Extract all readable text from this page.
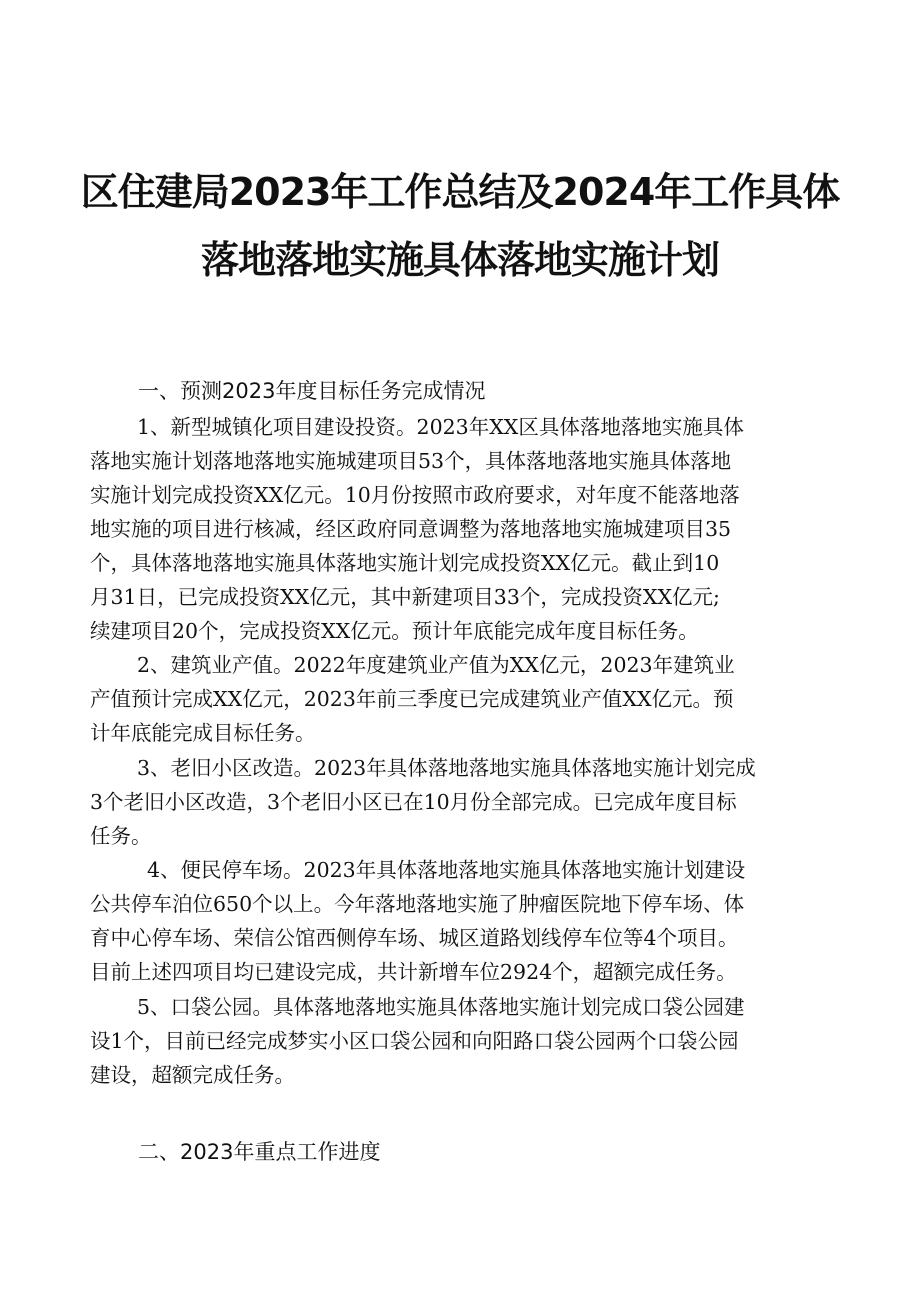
区住建局2023年工作总结及2024年工作具体
落地落地实施具体落地实施计划
一、预测2023年度目标任务完成情况
1、新型城镇化项目建设投资。2023年XX区具体落地落地实施具体
落地实施计划落地落地实施城建项目53个，具体落地落地实施具体落地
实施计划完成投资XX亿元。10月份按照市政府要求，对年度不能落地落
地实施的项目进行核减，经区政府同意调整为落地落地实施城建项目35
个，具体落地落地实施具体落地实施计划完成投资XX亿元。截止到10
月31日，已完成投资XX亿元，其中新建项目33个，完成投资XX亿元;
续建项目20个，完成投资XX亿元。预计年底能完成年度目标任务。
2、建筑业产值。2022年度建筑业产值为XX亿元，2023年建筑业
产值预计完成XX亿元，2023年前三季度已完成建筑业产值XX亿元。预
计年底能完成目标任务。
3、老旧小区改造。2023年具体落地落地实施具体落地实施计划完成
3个老旧小区改造，3个老旧小区已在10月份全部完成。已完成年度目标
任务。
4、便民停车场。2023年具体落地落地实施具体落地实施计划建设
公共停车泊位650个以上。今年落地落地实施了肿瘤医院地下停车场、体
育中心停车场、荣信公馆西侧停车场、城区道路划线停车位等4个项目。
目前上述四项目均已建设完成，共计新增车位2924个，超额完成任务。
5、口袋公园。具体落地落地实施具体落地实施计划完成口袋公园建
设1个，目前已经完成梦实小区口袋公园和向阳路口袋公园两个口袋公园
建设，超额完成任务。
二、2023年重点工作进度
